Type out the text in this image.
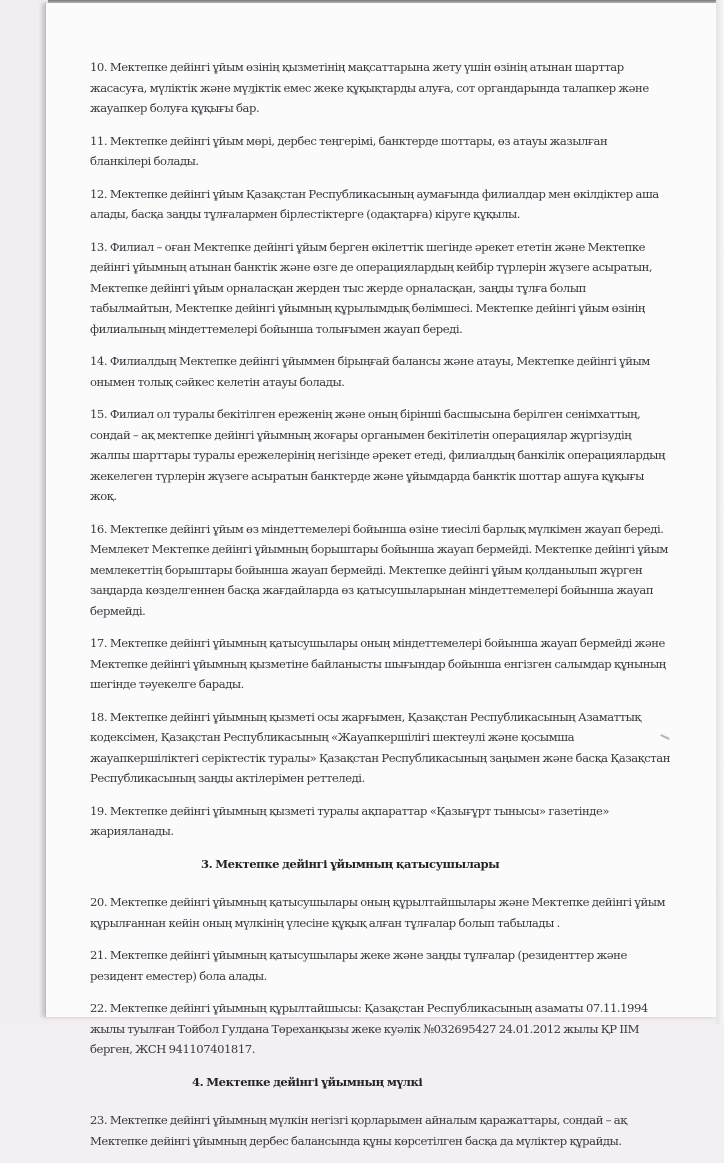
10. Мектепке дейінгі ұйым өзінің қызметінің мақсаттарына жету үшін өзінің атынан шарттар жасасуға, мүліктік және мүліктік емес жеке құқықтарды алуға, сот органдарында талапкер және жауапкер болуға құқығы бар.

11. Мектепке дейінгі ұйым мөрі, дербес теңгерімі, банктерде шоттары, өз атауы жазылған бланкілері болады.

12. Мектепке дейінгі ұйым Қазақстан Республикасының аумағында филиалдар мен өкілдіктер аша алады, басқа заңды тұлғалармен бірлестіктерге (одақтарға) кіруге құқылы.

13. Филиал – оған Мектепке дейінгі ұйым берген өкілеттік шегінде әрекет ететін және Мектепке дейінгі ұйымның атынан банктік және өзге де операциялардың кейбір түрлерін жүзеге асыратын, Мектепке дейінгі ұйым орналасқан жерден тыс жерде орналасқан, заңды тұлға болып табылмайтын, Мектепке дейінгі ұйымның құрылымдық бөлімшесі. Мектепке дейінгі ұйым өзінің филиалының міндеттемелері бойынша толығымен жауап береді.

14. Филиалдың Мектепке дейінгі ұйыммен бірыңғай балансы және атауы, Мектепке дейінгі ұйым онымен толық сәйкес келетін атауы болады.

15. Филиал ол туралы бекітілген ереженің және оның бірінші басшысына берілген сенімхаттың, сондай – ақ мектепке дейінгі ұйымның жоғары органымен бекітілетін операциялар жүргізудің жалпы шарттары туралы ережелерінің негізінде әрекет етеді, филиалдың банкілік операциялардың жекелеген түрлерін жүзеге асыратын банктерде және ұйымдарда банктік шоттар ашуға құқығы жоқ.

16. Мектепке дейінгі ұйым өз міндеттемелері бойынша өзіне тиесілі барлық мүлкімен жауап береді. Мемлекет Мектепке дейінгі ұйымның борыштары бойынша жауап бермейді. Мектепке дейінгі ұйым мемлекеттің борыштары бойынша жауап бермейді. Мектепке дейінгі ұйым қолданылып жүрген заңдарда көзделгеннен басқа жағдайларда өз қатысушыларынан міндеттемелері бойынша жауап бермейді.

17. Мектепке дейінгі ұйымның қатысушылары оның міндеттемелері бойынша жауап бермейді және Мектепке дейінгі ұйымның қызметіне байланысты шығындар бойынша енгізген салымдар құнының шегінде тәуекелге барады.

18. Мектепке дейінгі ұйымның қызметі осы жарғымен, Қазақстан Республикасының Азаматтық кодексімен, Қазақстан Республикасының «Жауапкершілігі шектеулі және қосымша жауапкершіліктегі серіктестік туралы» Қазақстан Республикасының заңымен және басқа Қазақстан Республикасының заңды актілерімен реттеледі.

19. Мектепке дейінгі ұйымның қызметі туралы ақпараттар «Қазығұрт тынысы» газетінде» жарияланады.

3. Мектепке дейінгі ұйымның қатысушылары

20. Мектепке дейінгі ұйымның қатысушылары оның құрылтайшылары және Мектепке дейінгі ұйым құрылғаннан кейін оның мүлкінің үлесіне құқық алған тұлғалар болып табылады .

21. Мектепке дейінгі ұйымның қатысушылары жеке және заңды тұлғалар (резиденттер және резидент еместер) бола алады.

22. Мектепке дейінгі ұйымның құрылтайшысы: Қазақстан Республикасының азаматы 07.11.1994 жылы туылған Тойбол Гулдана Төреханқызы жеке куәлік №032695427 24.01.2012 жылы ҚР ІІМ берген, ЖСН 941107401817.

4. Мектепке дейінгі ұйымның мүлкі

23. Мектепке дейінгі ұйымның мүлкін негізгі қорларымен айналым қаражаттары, сондай – ақ Мектепке дейінгі ұйымның дербес балансында құны көрсетілген басқа да мүліктер құрайды.
